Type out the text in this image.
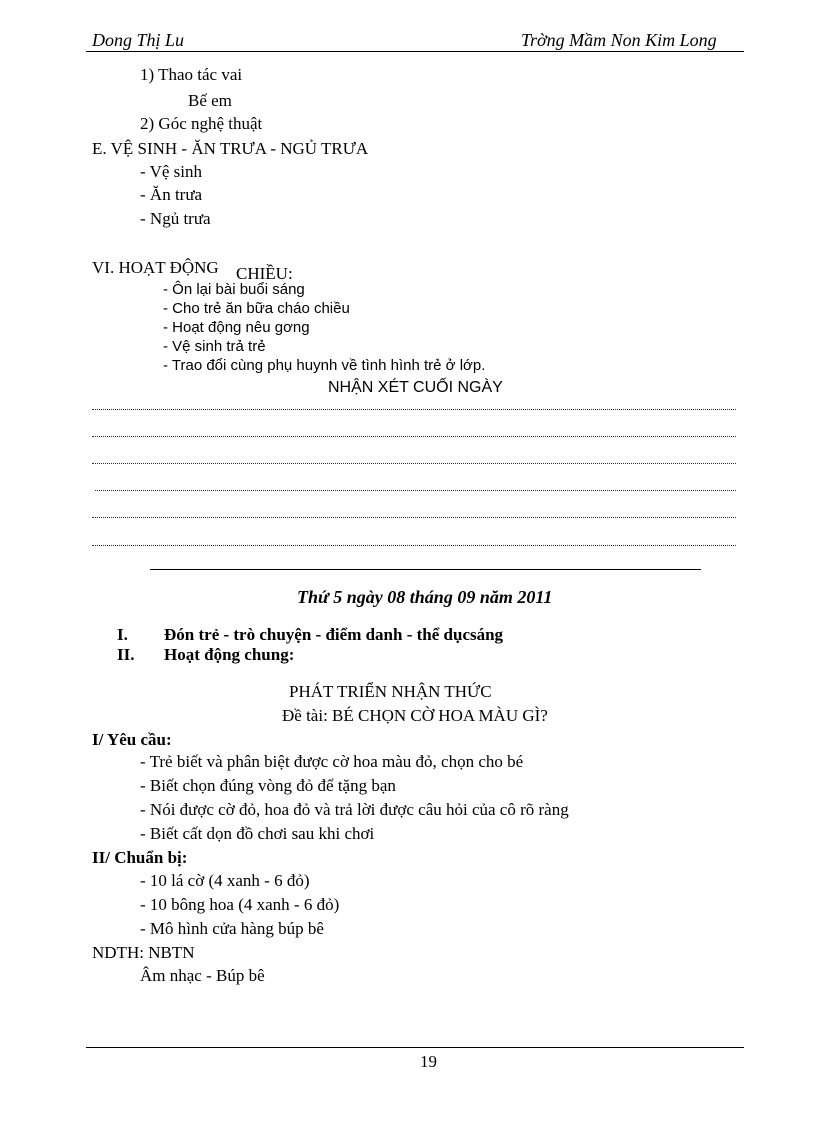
Dong Thị Lu	Trờng Mầm Non Kim Long
1) Thao tác vai
Bế em
2) Góc nghệ thuật
E. VỆ SINH - ĂN TRƯA - NGỦ TRƯA
- Vệ sinh
- Ăn trưa
- Ngủ trưa
VI. HOẠT ĐỘNG CHIỀU:
- Ôn lại bài buổi sáng
- Cho trẻ ăn bữa cháo chiều
- Hoạt động nêu gơng
- Vệ sinh trả trẻ
- Trao đổi cùng phụ huynh về tình hình trẻ ở lớp.
NHẬN XÉT CUỐI NGÀY
Thứ 5 ngày 08 tháng 09 năm 2011
I. Đón trẻ - trò chuyện - điểm danh - thể dụcsáng
II. Hoạt động chung:
PHÁT TRIỂN NHẬN THỨC
Đề tài: BÉ CHỌN CỜ HOA MÀU GÌ?
I/ Yêu cầu:
- Trẻ biết và phân biệt được cờ hoa màu đỏ, chọn cho bé
- Biết chọn đúng vòng đỏ để tặng bạn
- Nói được cờ đỏ, hoa đỏ và trả lời được câu hỏi của cô rõ ràng
- Biết cất dọn đồ chơi sau khi chơi
II/ Chuẩn bị:
- 10 lá cờ (4 xanh - 6 đỏ)
- 10 bông hoa (4 xanh - 6 đỏ)
- Mô hình cửa hàng búp bê
NDTH: NBTN
Âm nhạc - Búp bê
19
